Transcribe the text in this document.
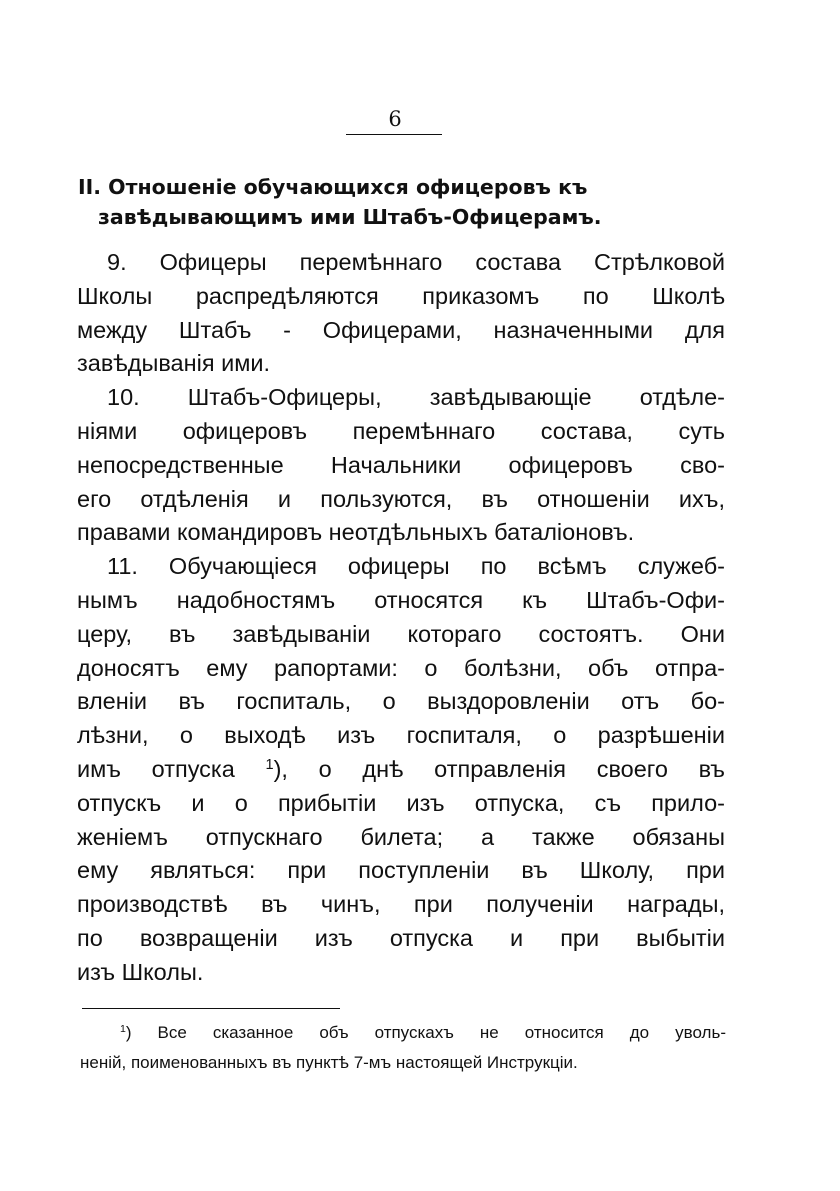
6
II. Отношенiе обучающихся офицеровъ къ
завѣдывающимъ ими Штабъ-Офицерамъ.
9. Офицеры перемѣннаго состава Стрѣлковой
Школы распредѣляются приказомъ по Школѣ
между Штабъ - Офицерами, назначенными для
завѣдыванiя ими.
10. Штабъ-Офицеры, завѣдывающiе отдѣле-
нiями офицеровъ перемѣннаго состава, суть
непосредственные Начальники офицеровъ сво-
его отдѣленiя и пользуются, въ отношенiи ихъ,
правами командировъ неотдѣльныхъ баталiоновъ.
11. Обучающiеся офицеры по всѣмъ служеб-
нымъ надобностямъ относятся къ Штабъ-Офи-
церу, въ завѣдыванiи котораго состоятъ. Они
доносятъ ему рапортами: о болѣзни, объ отпра-
вленiи въ госпиталь, о выздоровленiи отъ бо-
лѣзни, о выходѣ изъ госпиталя, о разрѣшенiи
имъ отпуска $^1$), о днѣ отправленiя своего въ
отпускъ и о прибытiи изъ отпуска, съ прило-
женiемъ отпускнаго билета; а также обязаны
ему являться: при поступленiи въ Школу, при
производствѣ въ чинъ, при полученiи награды,
по возвращенiи изъ отпуска и при выбытiи
изъ Школы.
$^1$) Все сказанное объ отпускахъ не относится до уволь-
ненiй, поименованныхъ въ пунктѣ 7-мъ настоящей Инструкцiи.
